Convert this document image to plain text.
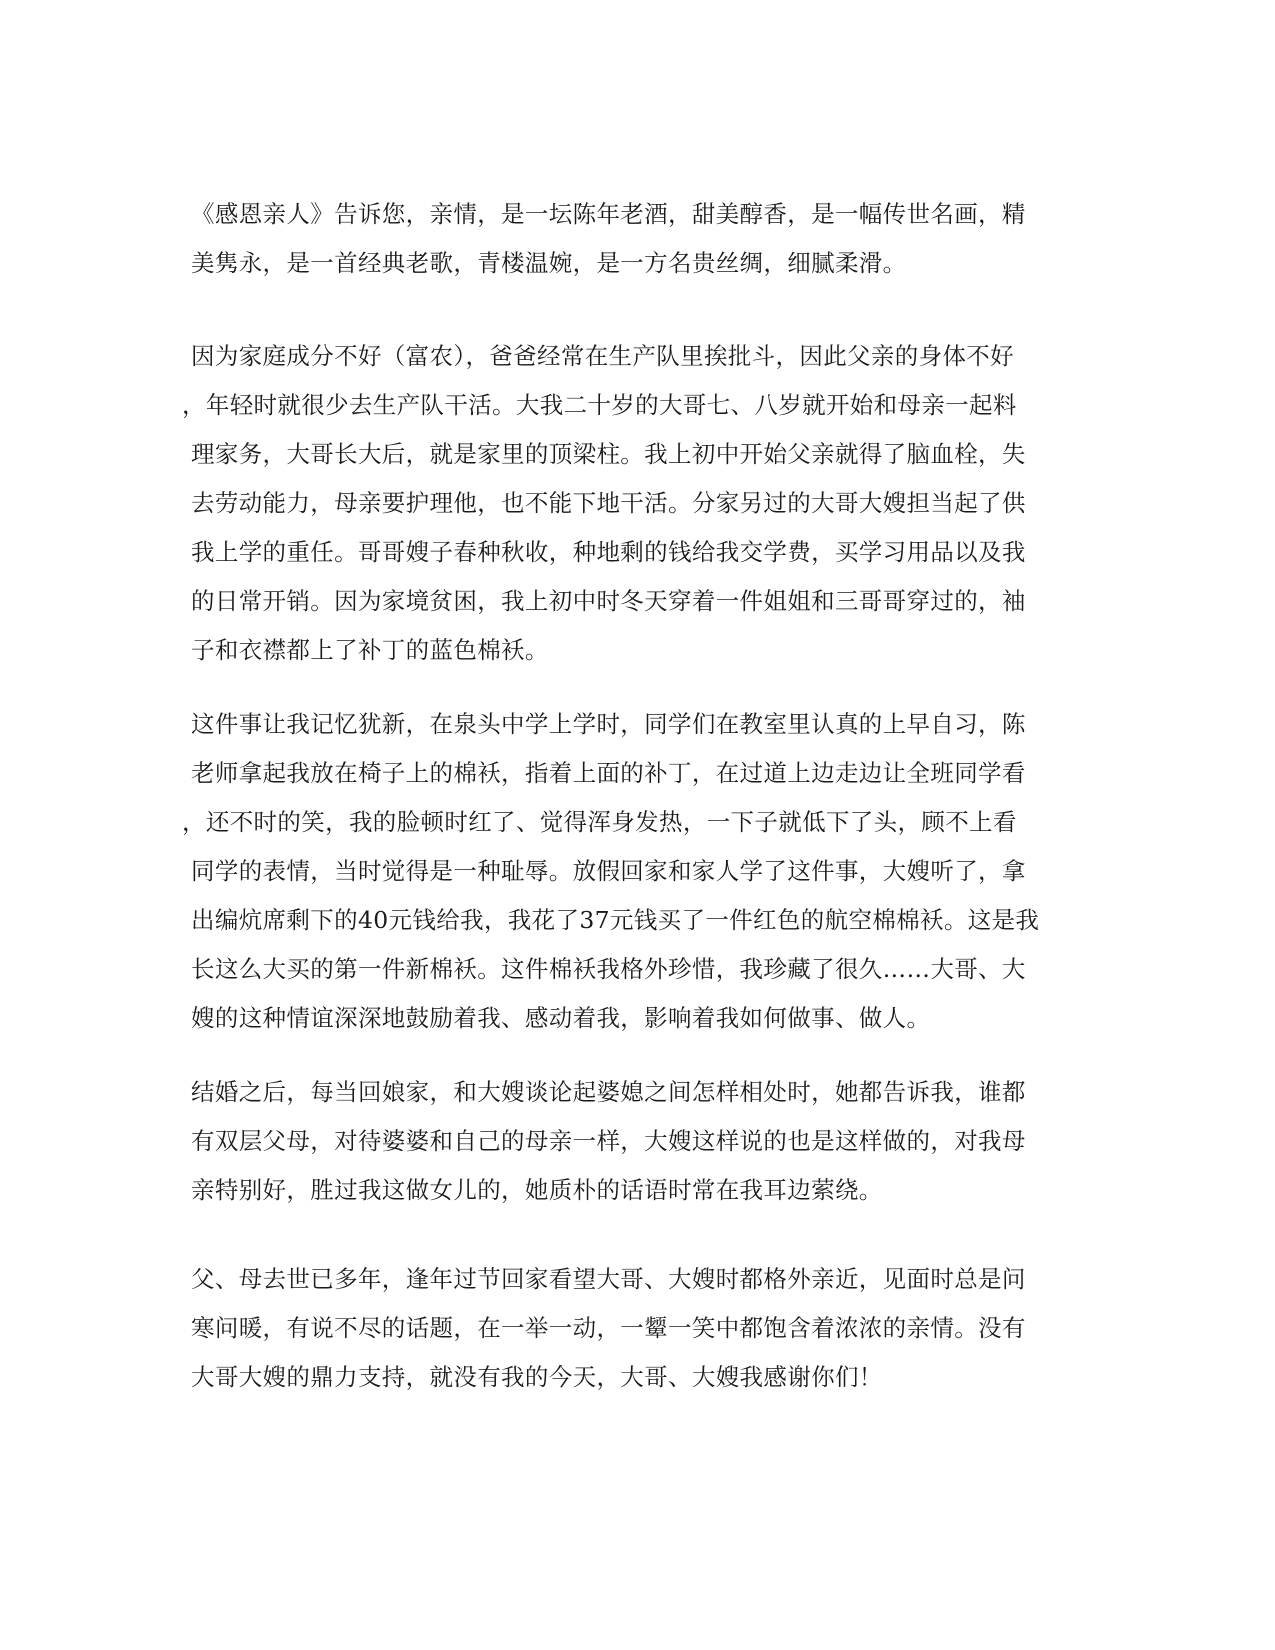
《感恩亲人》告诉您，亲情，是一坛陈年老酒，甜美醇香，是一幅传世名画，精
美隽永，是一首经典老歌，青楼温婉，是一方名贵丝绸，细腻柔滑。
因为家庭成分不好（富农），爸爸经常在生产队里挨批斗，因此父亲的身体不好
，年轻时就很少去生产队干活。大我二十岁的大哥七、八岁就开始和母亲一起料
理家务，大哥长大后，就是家里的顶梁柱。我上初中开始父亲就得了脑血栓，失
去劳动能力，母亲要护理他，也不能下地干活。分家另过的大哥大嫂担当起了供
我上学的重任。哥哥嫂子春种秋收，种地剩的钱给我交学费，买学习用品以及我
的日常开销。因为家境贫困，我上初中时冬天穿着一件姐姐和三哥哥穿过的，袖
子和衣襟都上了补丁的蓝色棉袄。
这件事让我记忆犹新，在泉头中学上学时，同学们在教室里认真的上早自习，陈
老师拿起我放在椅子上的棉袄，指着上面的补丁，在过道上边走边让全班同学看
，还不时的笑，我的脸顿时红了、觉得浑身发热，一下子就低下了头，顾不上看
同学的表情，当时觉得是一种耻辱。放假回家和家人学了这件事，大嫂听了，拿
出编炕席剩下的40元钱给我，我花了37元钱买了一件红色的航空棉棉袄。这是我
长这么大买的第一件新棉袄。这件棉袄我格外珍惜，我珍藏了很久……大哥、大
嫂的这种情谊深深地鼓励着我、感动着我，影响着我如何做事、做人。
结婚之后，每当回娘家，和大嫂谈论起婆媳之间怎样相处时，她都告诉我，谁都
有双层父母，对待婆婆和自己的母亲一样，大嫂这样说的也是这样做的，对我母
亲特别好，胜过我这做女儿的，她质朴的话语时常在我耳边萦绕。
父、母去世已多年，逢年过节回家看望大哥、大嫂时都格外亲近，见面时总是问
寒问暖，有说不尽的话题，在一举一动，一颦一笑中都饱含着浓浓的亲情。没有
大哥大嫂的鼎力支持，就没有我的今天，大哥、大嫂我感谢你们！
